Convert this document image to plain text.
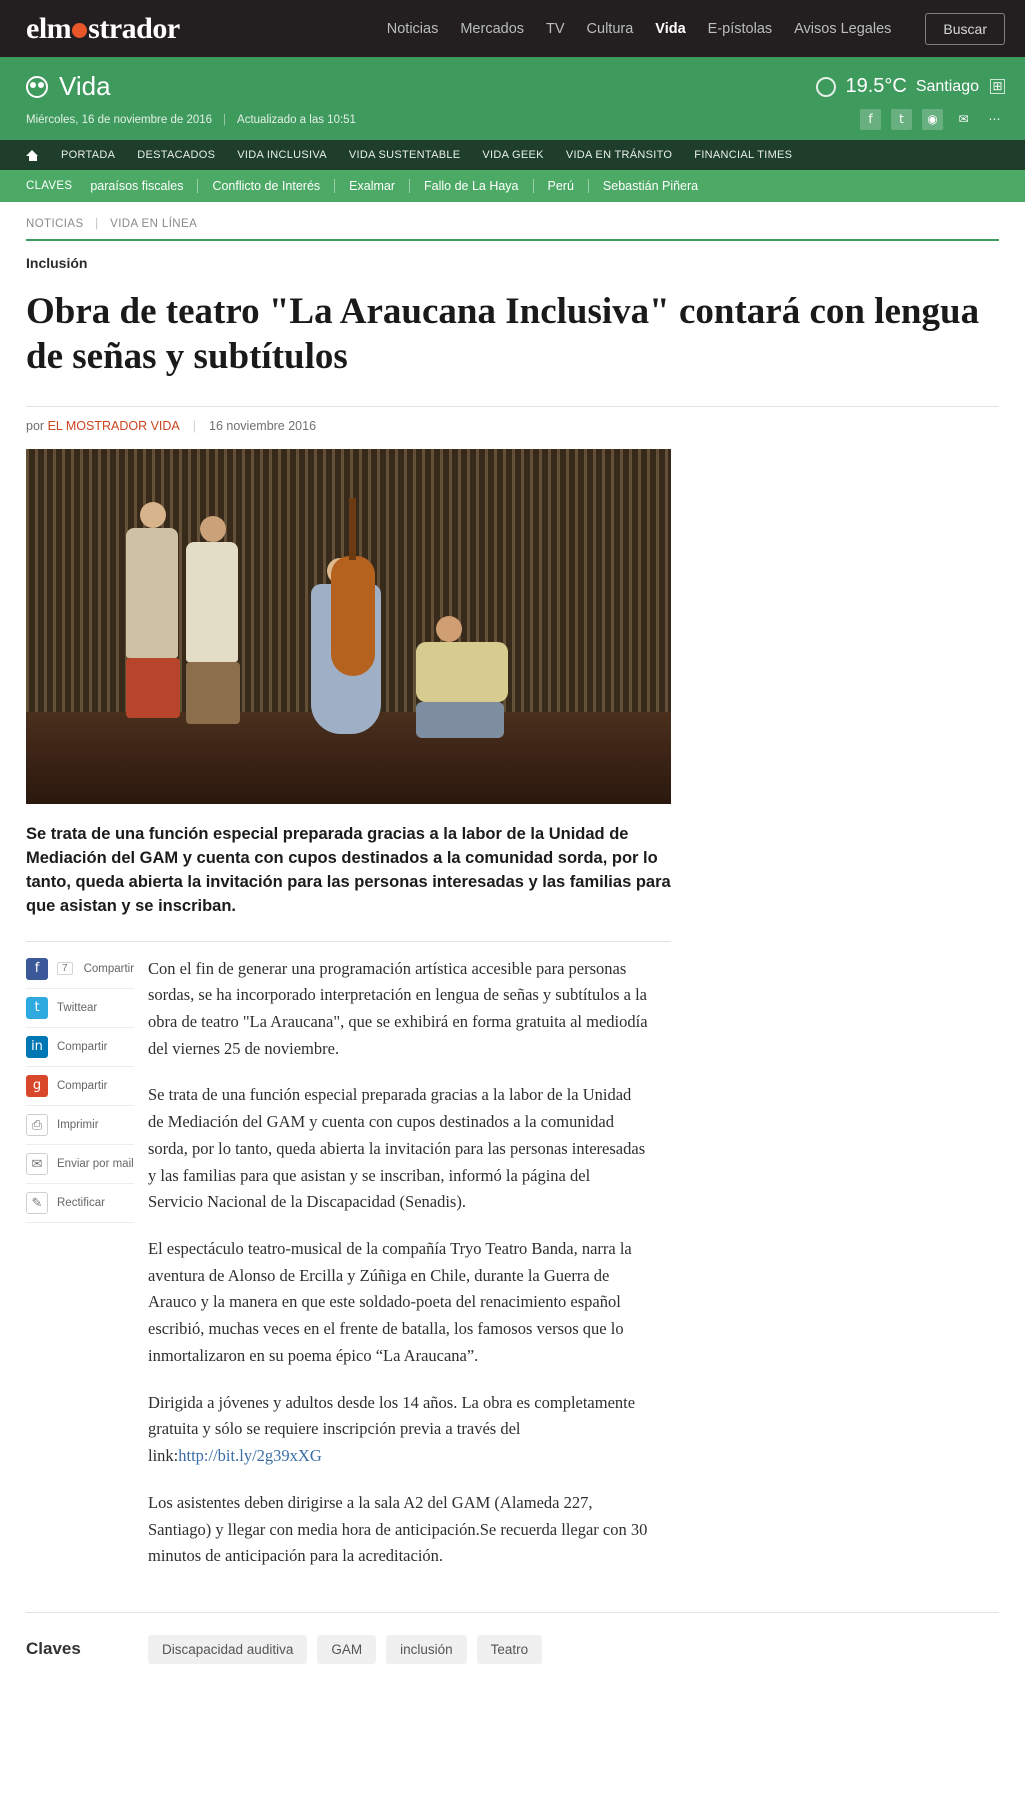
el m strador	Noticias Mercados TV Cultura Vida E-pístolas Avisos Legales	Buscar
Vida	19.5°C Santiago ⊞
Miércoles, 16 de noviembre de 2016 | Actualizado a las 10:51	f	t	◉	✉	⋯
PORTADA DESTACADOS VIDA INCLUSIVA VIDA SUSTENTABLE VIDA GEEK VIDA EN TRÁNSITO FINANCIAL TIMES
CLAVES paraísos fiscales	Conflicto de Interés	Exalmar	Fallo de La Haya	Perú	Sebastián Piñera
NOTICIAS | VIDA EN LÍNEA
Inclusión
Obra de teatro "La Araucana Inclusiva" contará con lengua de señas y subtítulos
por
EL MOSTRADOR VIDA | 16 noviembre 2016
Se trata de una función especial preparada gracias a la labor de la Unidad de Mediación del GAM y cuenta con cupos destinados a la comunidad sorda, por lo tanto, queda abierta la invitación para las personas interesadas y las familias para que asistan y se inscriban.
f	7	Compartir
t	Twittear
in	Compartir
g	Compartir
⎙	Imprimir
✉	Enviar por mail
✎	Rectificar

Con el fin de generar una programación artística accesible para personas sordas, se ha incorporado interpretación en lengua de señas y subtítulos a la obra de teatro "La Araucana", que se exhibirá en forma gratuita al mediodía del viernes 25 de noviembre.

Se trata de una función especial preparada gracias a la labor de la Unidad de Mediación del GAM y cuenta con cupos destinados a la comunidad sorda, por lo tanto, queda abierta la invitación para las personas interesadas y las familias para que asistan y se inscriban, informó la página del Servicio Nacional de la Discapacidad (Senadis).

El espectáculo teatro-musical de la compañía Tryo Teatro Banda, narra la aventura de Alonso de Ercilla y Zúñiga en Chile, durante la Guerra de Arauco y la manera en que este soldado-poeta del renacimiento español escribió, muchas veces en el frente de batalla, los famosos versos que lo inmortalizaron en su poema épico “La Araucana”.

Dirigida a jóvenes y adultos desde los 14 años. La obra es completamente gratuita y sólo se requiere inscripción previa a través del link:http://bit.ly/2g39xXG

Los asistentes deben dirigirse a la sala A2 del GAM (Alameda 227, Santiago) y llegar con media hora de anticipación.Se recuerda llegar con 30 minutos de anticipación para la acreditación.

Claves	Discapacidad auditiva	GAM	inclusión	Teatro
